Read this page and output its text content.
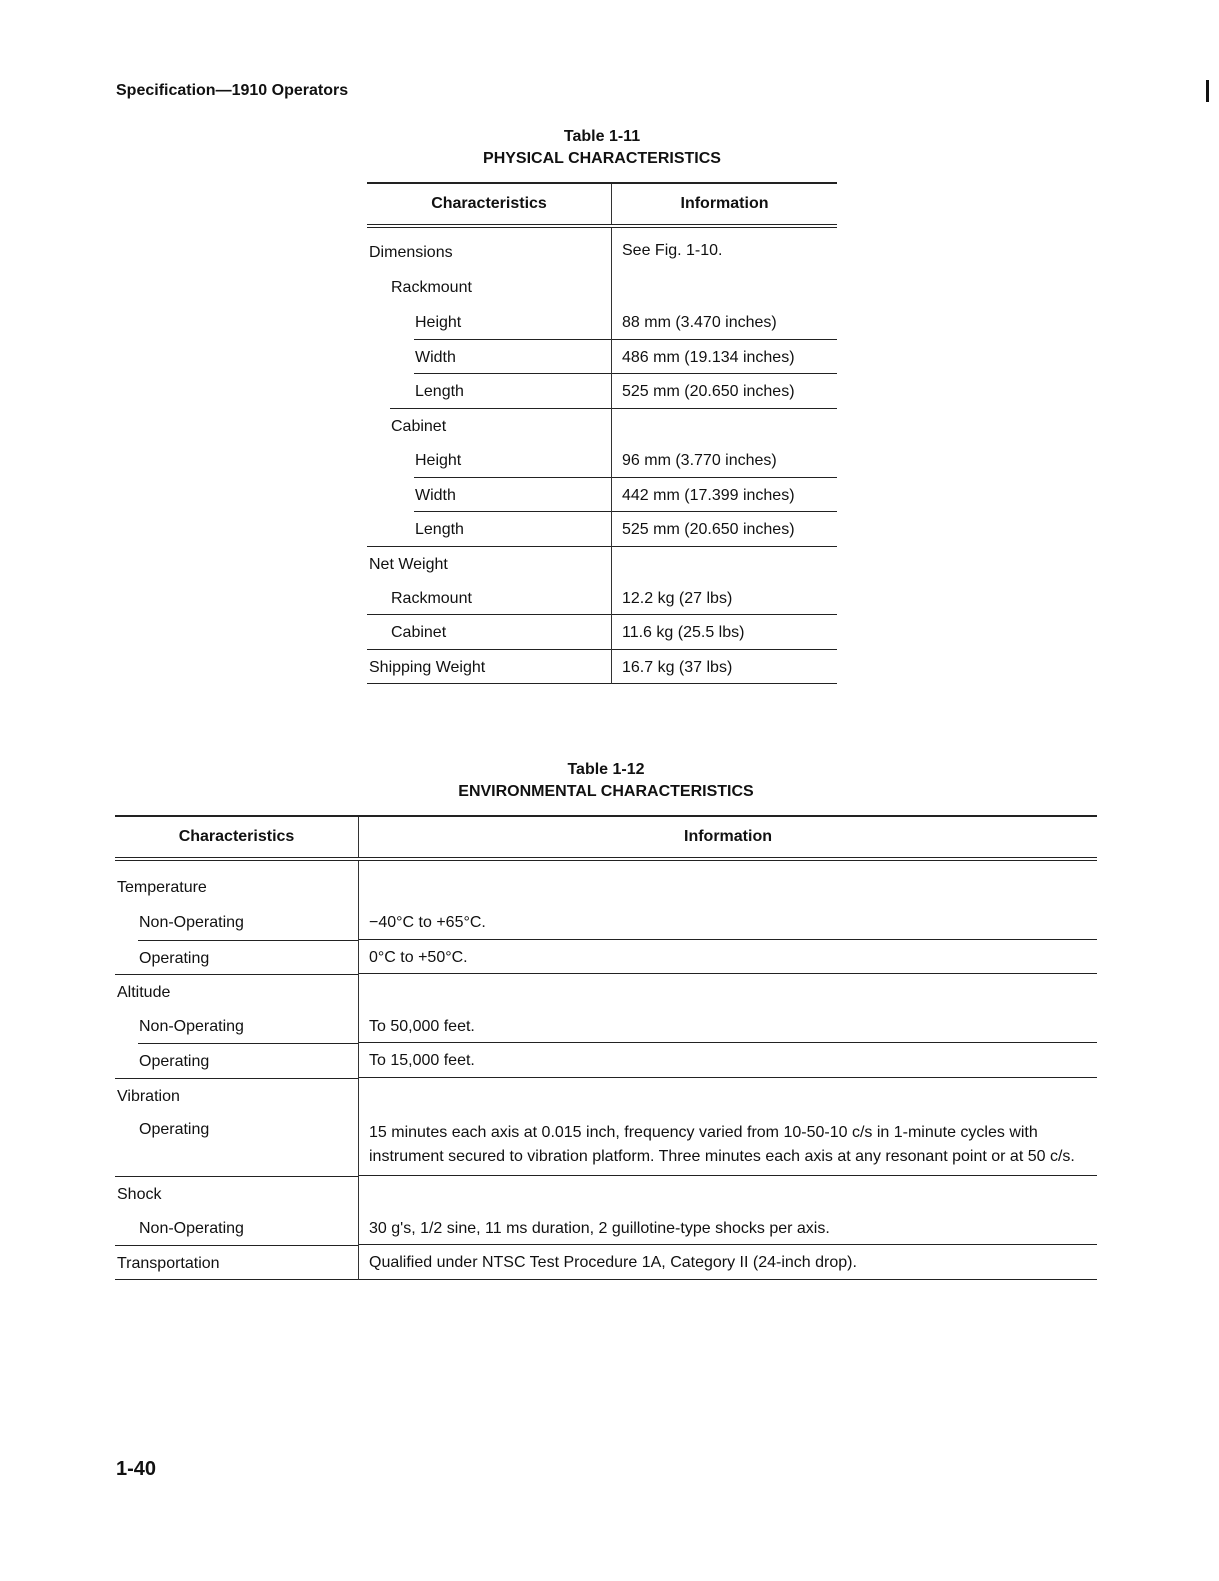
Specification—1910 Operators
Table 1-11
PHYSICAL CHARACTERISTICS
Characteristics	Information

Dimensions	See Fig. 1-10.

Rackmount	

Height	88 mm (3.470 inches)

Width	486 mm (19.134 inches)

Length	525 mm (20.650 inches)

Cabinet	

Height	96 mm (3.770 inches)

Width	442 mm (17.399 inches)

Length	525 mm (20.650 inches)

Net Weight	

Rackmount	12.2 kg (27 lbs)

Cabinet	11.6 kg (25.5 lbs)

Shipping Weight	16.7 kg (37 lbs)
Table 1-12
ENVIRONMENTAL CHARACTERISTICS
Characteristics	Information

Temperature	

Non-Operating	−40°C to +65°C.

Operating	0°C to +50°C.

Altitude	

Non-Operating	To 50,000 feet.

Operating	To 15,000 feet.

Vibration	

Operating	15 minutes each axis at 0.015 inch, frequency varied from 10-50-10 c/s in 1-minute cycles with instrument secured to vibration platform. Three minutes each axis at any resonant point or at 50 c/s.

Shock	

Non-Operating	30 g's, 1/2 sine, 11 ms duration, 2 guillotine-type shocks per axis.

Transportation	Qualified under NTSC Test Procedure 1A, Category II (24-inch drop).
1-40
